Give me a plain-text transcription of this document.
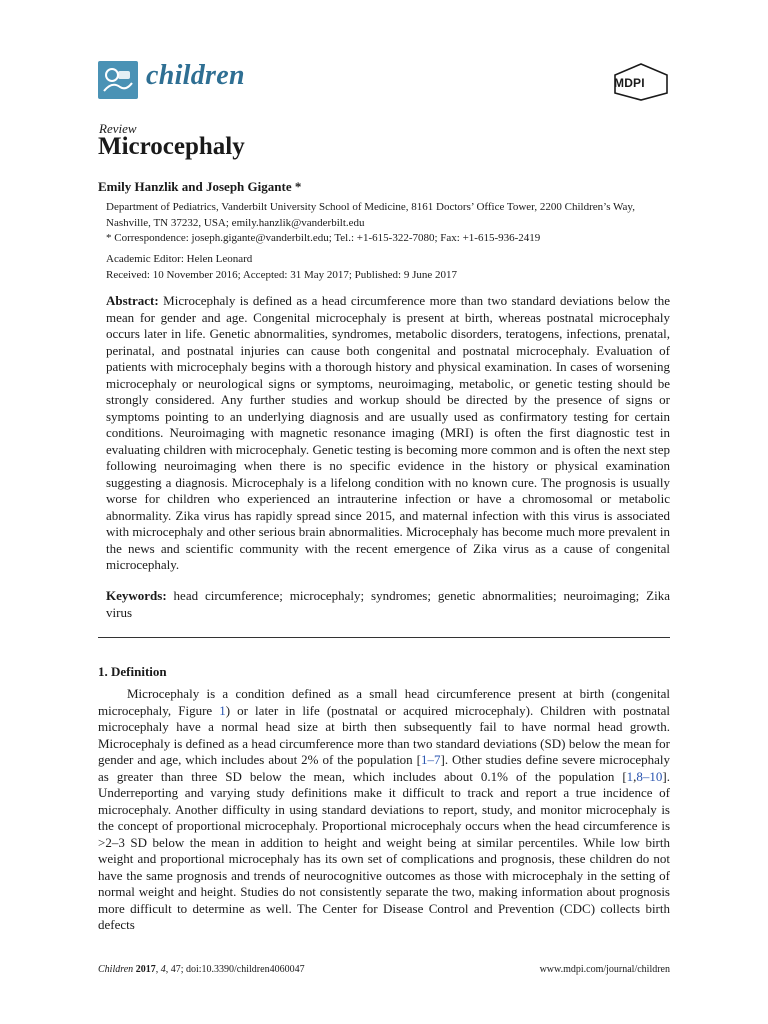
children	MDPI
Review
Microcephaly
Emily Hanzlik and Joseph Gigante *
Department of Pediatrics, Vanderbilt University School of Medicine, 8161 Doctors’ Office Tower, 2200 Children’s Way, Nashville, TN 37232, USA; emily.hanzlik@vanderbilt.edu
* Correspondence: joseph.gigante@vanderbilt.edu; Tel.: +1-615-322-7080; Fax: +1-615-936-2419
Academic Editor: Helen Leonard
Received: 10 November 2016; Accepted: 31 May 2017; Published: 9 June 2017
Abstract: Microcephaly is defined as a head circumference more than two standard deviations below the mean for gender and age. Congenital microcephaly is present at birth, whereas postnatal microcephaly occurs later in life. Genetic abnormalities, syndromes, metabolic disorders, teratogens, infections, prenatal, perinatal, and postnatal injuries can cause both congenital and postnatal microcephaly. Evaluation of patients with microcephaly begins with a thorough history and physical examination. In cases of worsening microcephaly or neurological signs or symptoms, neuroimaging, metabolic, or genetic testing should be strongly considered. Any further studies and workup should be directed by the presence of signs or symptoms pointing to an underlying diagnosis and are usually used as confirmatory testing for certain conditions. Neuroimaging with magnetic resonance imaging (MRI) is often the first diagnostic test in evaluating children with microcephaly. Genetic testing is becoming more common and is often the next step following neuroimaging when there is no specific evidence in the history or physical examination suggesting a diagnosis. Microcephaly is a lifelong condition with no known cure. The prognosis is usually worse for children who experienced an intrauterine infection or have a chromosomal or metabolic abnormality. Zika virus has rapidly spread since 2015, and maternal infection with this virus is associated with microcephaly and other serious brain abnormalities. Microcephaly has become much more prevalent in the news and scientific community with the recent emergence of Zika virus as a cause of congenital microcephaly.
Keywords: head circumference; microcephaly; syndromes; genetic abnormalities; neuroimaging; Zika virus
1. Definition
Microcephaly is a condition defined as a small head circumference present at birth (congenital microcephaly, Figure 1) or later in life (postnatal or acquired microcephaly). Children with postnatal microcephaly have a normal head size at birth then subsequently fail to have normal head growth. Microcephaly is defined as a head circumference more than two standard deviations (SD) below the mean for gender and age, which includes about 2% of the population [1–7]. Other studies define severe microcephaly as greater than three SD below the mean, which includes about 0.1% of the population [1,8–10]. Underreporting and varying study definitions make it difficult to track and report a true incidence of microcephaly. Another difficulty in using standard deviations to report, study, and monitor microcephaly is the concept of proportional microcephaly. Proportional microcephaly occurs when the head circumference is >2–3 SD below the mean in addition to height and weight being at similar percentiles. While low birth weight and proportional microcephaly has its own set of complications and prognosis, these children do not have the same prognosis and trends of neurocognitive outcomes as those with microcephaly in the setting of normal weight and height. Studies do not consistently separate the two, making information about prognosis more difficult to determine as well. The Center for Disease Control and Prevention (CDC) collects birth defects
Children 2017, 4, 47; doi:10.3390/children4060047	www.mdpi.com/journal/children
